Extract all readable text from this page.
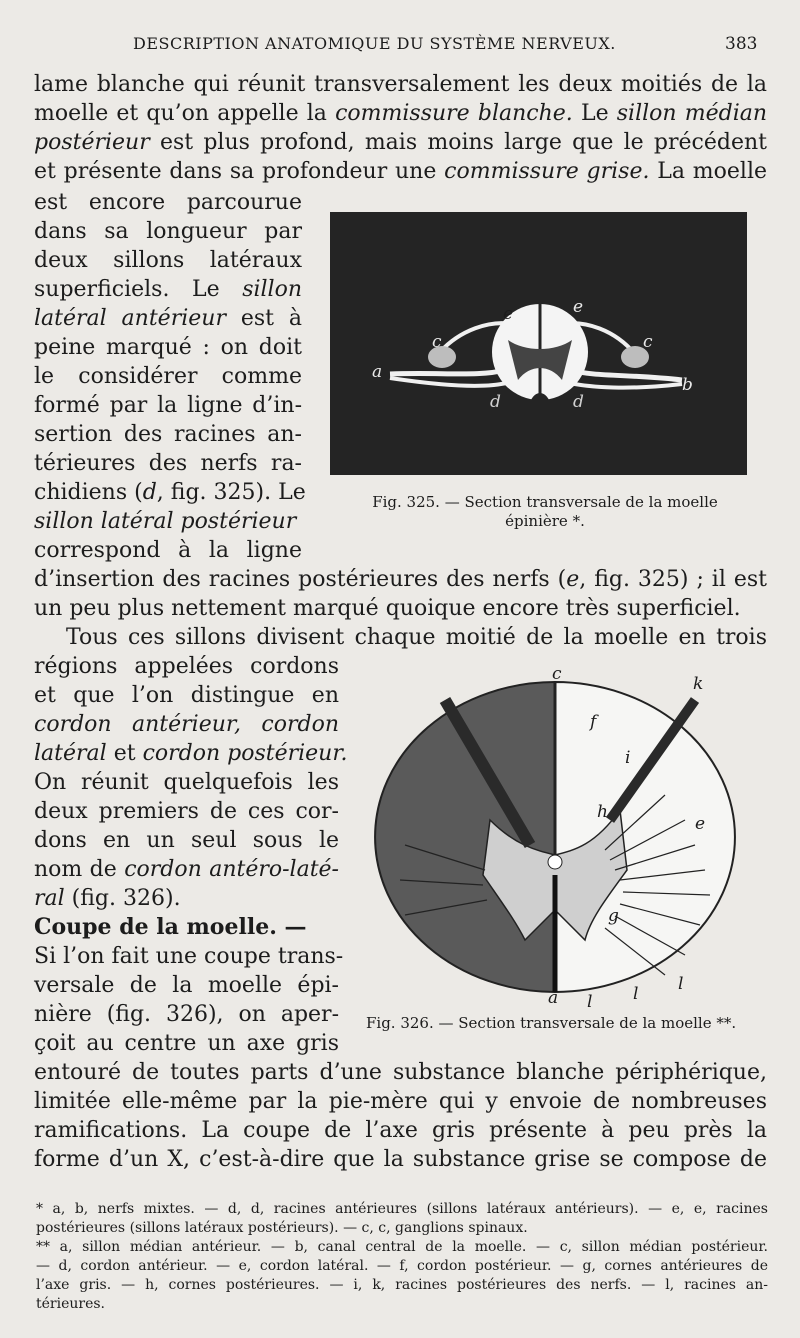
DESCRIPTION ANATOMIQUE DU SYSTÈME NERVEUX.	383
lame blanche qui réunit transversalement les deux moitiés de la
moelle et qu’on appelle la commissure blanche. Le sillon médian
postérieur est plus profond, mais moins large que le précédent
et présente dans sa profondeur une commissure grise. La moelle
est encore parcourue
dans sa longueur par
deux sillons latéraux
superficiels. Le sillon
latéral antérieur est à
peine marqué : on doit
le considérer comme
formé par la ligne d’in-
sertion des racines an-
térieures des nerfs ra-
chidiens (d, fig. 325). Le
sillon latéral postérieur
correspond à la ligne
d’insertion des racines postérieures des nerfs (e, fig. 325) ; il est
un peu plus nettement marqué quoique encore très superficiel.
Tous ces sillons divisent chaque moitié de la moelle en trois
régions appelées cordons
et que l’on distingue en
cordon antérieur, cordon
latéral et cordon postérieur.
On réunit quelquefois les
deux premiers de ces cor-
dons en un seul sous le
nom de cordon antéro-laté-
ral (fig. 326).
Coupe de la moelle. —
Si l’on fait une coupe trans-
versale de la moelle épi-
nière (fig. 326), on aper-
çoit au centre un axe gris
entouré de toutes parts d’une substance blanche périphérique,
limitée elle-même par la pie-mère qui y envoie de nombreuses
ramifications. La coupe de l’axe gris présente à peu près la
forme d’un X, c’est-à-dire que la substance grise se compose de
a
b
c	c
e	e
d	d
Fig. 325. — Section transversale de la moelle épinière *.
c	k
f
i
h
e
g
a l l l
Fig. 326. — Section transversale de la moelle **.
* a, b, nerfs mixtes. — d, d, racines antérieures (sillons latéraux antérieurs). — e, e, racines
postérieures (sillons latéraux postérieurs). — c, c, ganglions spinaux.
** a, sillon médian antérieur. — b, canal central de la moelle. — c, sillon médian postérieur.
— d, cordon antérieur. — e, cordon latéral. — f, cordon postérieur. — g, cornes antérieures de
l’axe gris. — h, cornes postérieures. — i, k, racines postérieures des nerfs. — l, racines an-
térieures.
